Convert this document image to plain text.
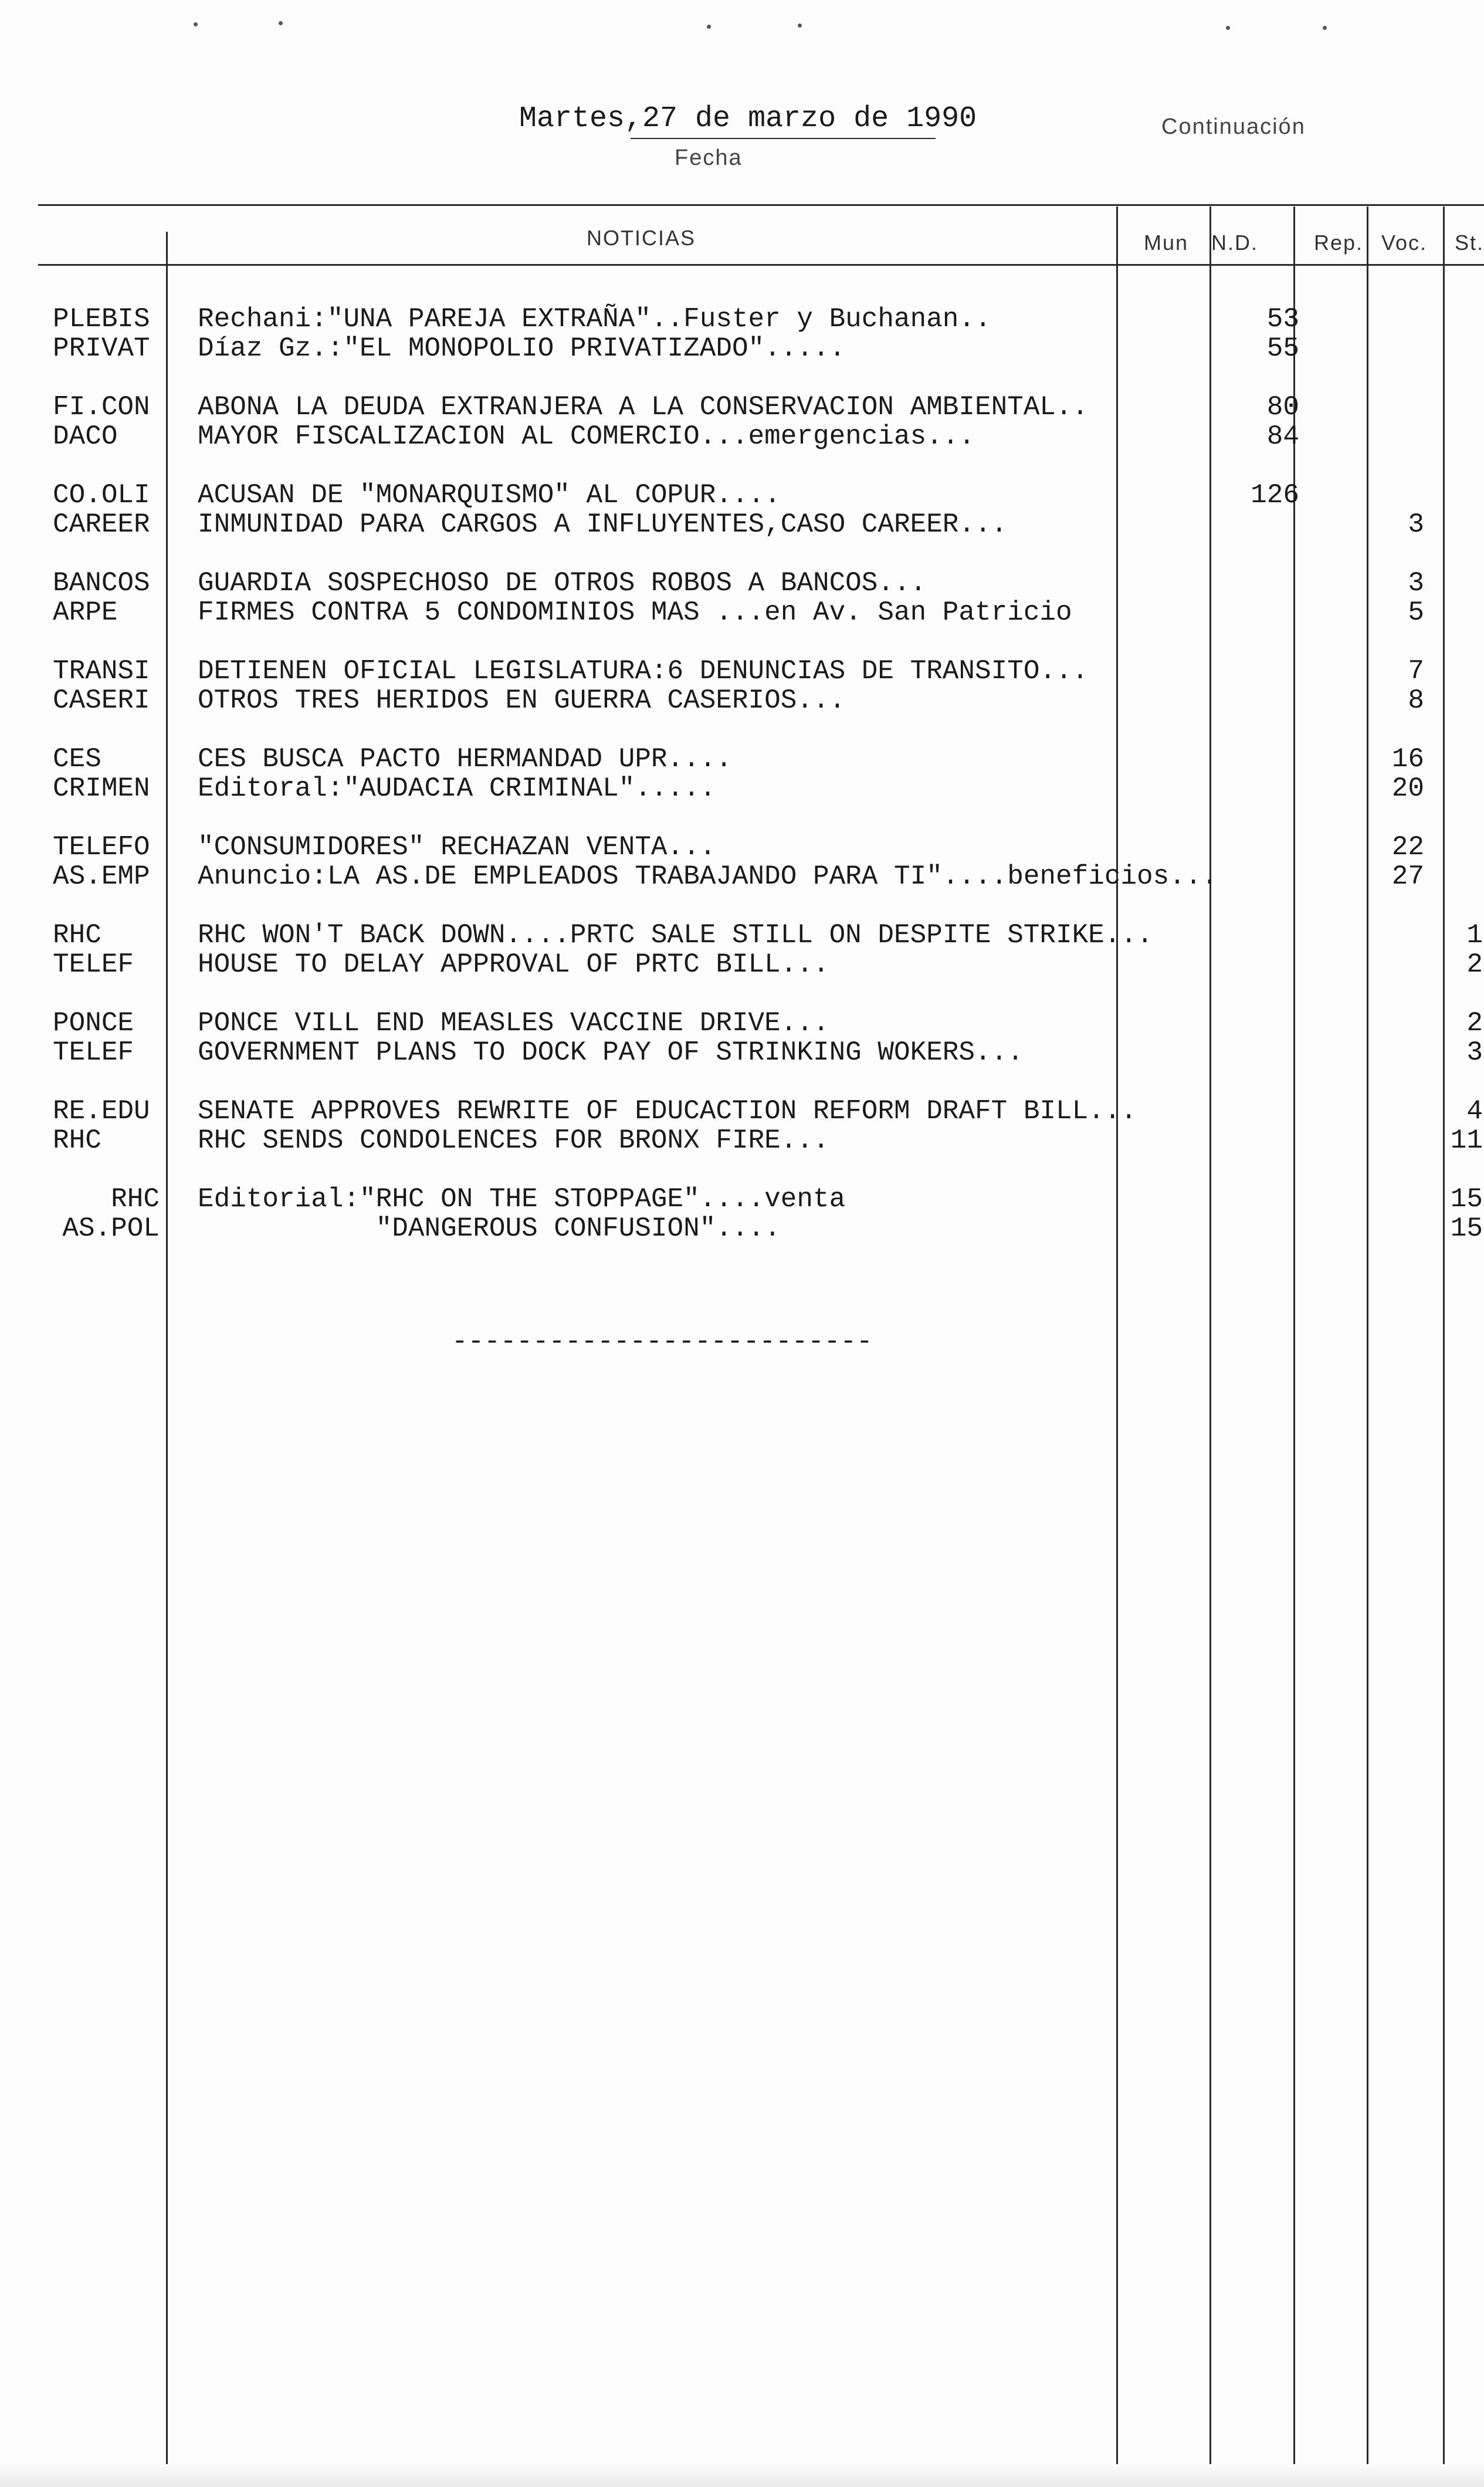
Martes,27 de marzo de 1990
Fecha
Continuación
NOTICIAS	Mun N.D.	Rep. Voc. St.
PLEBIS	Rechani:"UNA PAREJA EXTRAÑA"..Fuster y Buchanan..	53
PRIVAT	Díaz Gz.:"EL MONOPOLIO PRIVATIZADO".....	55
FI.CON	ABONA LA DEUDA EXTRANJERA A LA CONSERVACION AMBIENTAL..	80
DACO	MAYOR FISCALIZACION AL COMERCIO...emergencias...	84
CO.OLI	ACUSAN DE "MONARQUISMO" AL COPUR....	126
CAREER	INMUNIDAD PARA CARGOS A INFLUYENTES,CASO CAREER...	3
BANCOS	GUARDIA SOSPECHOSO DE OTROS ROBOS A BANCOS...	3
ARPE	FIRMES CONTRA 5 CONDOMINIOS MAS ...en Av. San Patricio	5
TRANSI	DETIENEN OFICIAL LEGISLATURA:6 DENUNCIAS DE TRANSITO...	7
CASERI	OTROS TRES HERIDOS EN GUERRA CASERIOS...	8
CES	CES BUSCA PACTO HERMANDAD UPR....	16
CRIMEN	Editoral:"AUDACIA CRIMINAL".....	20
TELEFO	"CONSUMIDORES" RECHAZAN VENTA...	22
AS.EMP	Anuncio:LA AS.DE EMPLEADOS TRABAJANDO PARA TI"....beneficios...	27
RHC	RHC WON'T BACK DOWN....PRTC SALE STILL ON DESPITE STRIKE...	1
TELEF	HOUSE TO DELAY APPROVAL OF PRTC BILL...	2
PONCE	PONCE VILL END MEASLES VACCINE DRIVE...	2
TELEF	GOVERNMENT PLANS TO DOCK PAY OF STRINKING WOKERS...	3
RE.EDU	SENATE APPROVES REWRITE OF EDUCACTION REFORM DRAFT BILL...	4
RHC	RHC SENDS CONDOLENCES FOR BRONX FIRE...	11
RHC Editorial:"RHC ON THE STOPPAGE"....venta	15
AS.POL "DANGEROUS CONFUSION"....	15
--------------------------
